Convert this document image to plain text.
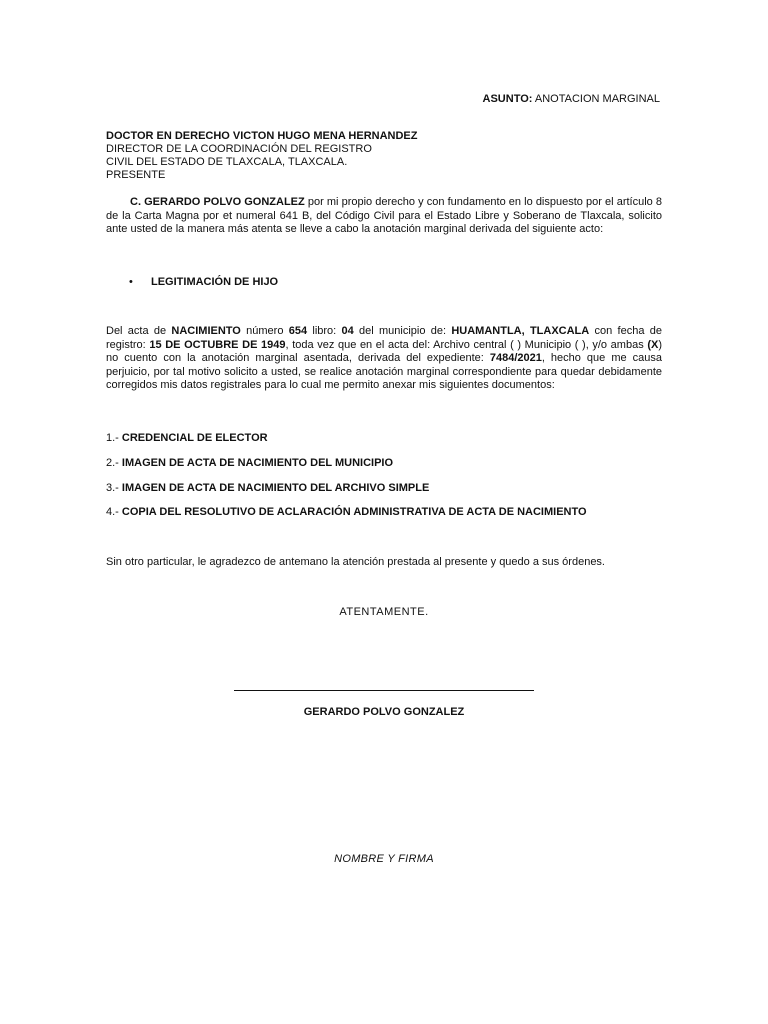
ASUNTO: ANOTACION MARGINAL
DOCTOR EN DERECHO VICTON HUGO MENA HERNANDEZ
DIRECTOR DE LA COORDINACIÓN DEL REGISTRO
CIVIL DEL ESTADO DE TLAXCALA, TLAXCALA.
PRESENTE
C. GERARDO POLVO GONZALEZ por mi propio derecho y con fundamento en lo dispuesto por el artículo 8 de la Carta Magna por et numeral 641 B, del Código Civil para el Estado Libre y Soberano de Tlaxcala, solicito ante usted de la manera más atenta se lleve a cabo la anotación marginal derivada del siguiente acto:
• LEGITIMACIÓN DE HIJO
Del acta de NACIMIENTO número 654 libro: 04 del municipio de: HUAMANTLA, TLAXCALA con fecha de registro: 15 DE OCTUBRE DE 1949, toda vez que en el acta del: Archivo central ( ) Municipio ( ), y/o ambas (X) no cuento con la anotación marginal asentada, derivada del expediente: 7484/2021, hecho que me causa perjuicio, por tal motivo solicito a usted, se realice anotación marginal correspondiente para quedar debidamente corregidos mis datos registrales para lo cual me permito anexar mis siguientes documentos:
1.- CREDENCIAL DE ELECTOR
2.- IMAGEN DE ACTA DE NACIMIENTO DEL MUNICIPIO
3.- IMAGEN DE ACTA DE NACIMIENTO DEL ARCHIVO SIMPLE
4.- COPIA DEL RESOLUTIVO DE ACLARACIÓN ADMINISTRATIVA DE ACTA DE NACIMIENTO
Sin otro particular, le agradezco de antemano la atención prestada al presente y quedo a sus órdenes.
ATENTAMENTE.
GERARDO POLVO GONZALEZ
NOMBRE Y FIRMA
